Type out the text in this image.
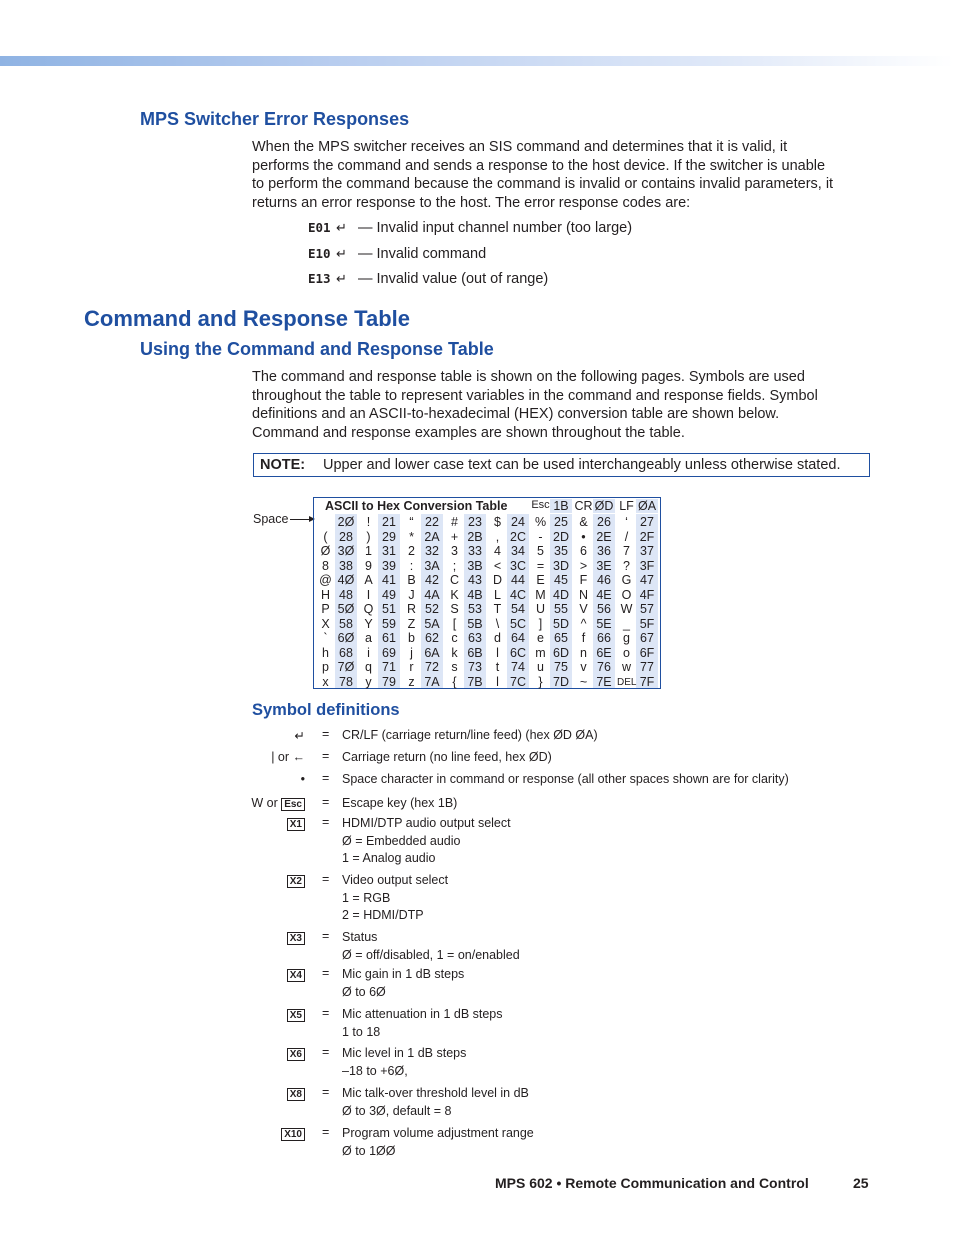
MPS Switcher Error Responses
When the MPS switcher receives an SIS command and determines that it is valid, it
performs the command and sends a response to the host device. If the switcher is unable
to perform the command because the command is invalid or contains invalid parameters, it
returns an error response to the host. The error response codes are:
E01 ↵ — Invalid input channel number (too large)
E10 ↵ — Invalid command
E13 ↵ — Invalid value (out of range)
Command and Response Table
Using the Command and Response Table
The command and response table is shown on the following pages. Symbols are used
throughout the table to represent variables in the command and response fields. Symbol
definitions and an ASCII-to-hexadecimal (HEX) conversion table are shown below.
Command and response examples are shown throughout the table.
NOTE: Upper and lower case text can be used interchangeably unless otherwise stated.
Space
ASCII to Hex Conversion Table
2Ø
( 28
Ø 3Ø
8 38
@ 4Ø
H 48
P 5Ø
X 58
` 6Ø
h 68
p 7Ø
x 78
! 21
) 29
1 31
9 39
A 41
I 49
Q 51
Y 59
a 61
i 69
q 71
y 79
“ 22
* 2A
2 32
: 3A
B 42
J 4A
R 52
Z 5A
b 62
j 6A
r 72
z 7A
# 23
+ 2B
3 33
; 3B
C 43
K 4B
S 53
[ 5B
c 63
k 6B
s 73
{ 7B
$ 24
, 2C
4 34
< 3C
D 44
L 4C
T 54
\ 5C
d 64
l 6C
t 74
l 7C
% 25
- 2D
5 35
= 3D
E 45
M 4D
U 55
] 5D
e 65
m 6D
u 75
} 7D
& 26
• 2E
6 36
> 3E
F 46
N 4E
V 56
^ 5E
f 66
n 6E
v 76
~ 7E
‘ 27
/ 2F
7 37
? 3F
G 47
O 4F
W 57
_ 5F
g 67
o 6F
w 77
DEL 7F
Esc 1B CR ØD LF ØA
Symbol definitions
↵ = CR/LF (carriage return/line feed) (hex ØD ØA)
| or ← = Carriage return (no line feed, hex ØD)
• = Space character in command or response (all other spaces shown are for clarity)
W or Esc = Escape key (hex 1B)
X1 = HDMI/DTP audio output select
Ø = Embedded audio
1 = Analog audio
X2 = Video output select
1 = RGB
2 = HDMI/DTP
X3 = Status
Ø = off/disabled, 1 = on/enabled
X4 = Mic gain in 1 dB steps
Ø to 6Ø
X5 = Mic attenuation in 1 dB steps
1 to 18
X6 = Mic level in 1 dB steps
–18 to +6Ø,
X8 = Mic talk-over threshold level in dB
Ø to 3Ø, default = 8
X10 = Program volume adjustment range
Ø to 1ØØ
MPS 602 • Remote Communication and Control	25
